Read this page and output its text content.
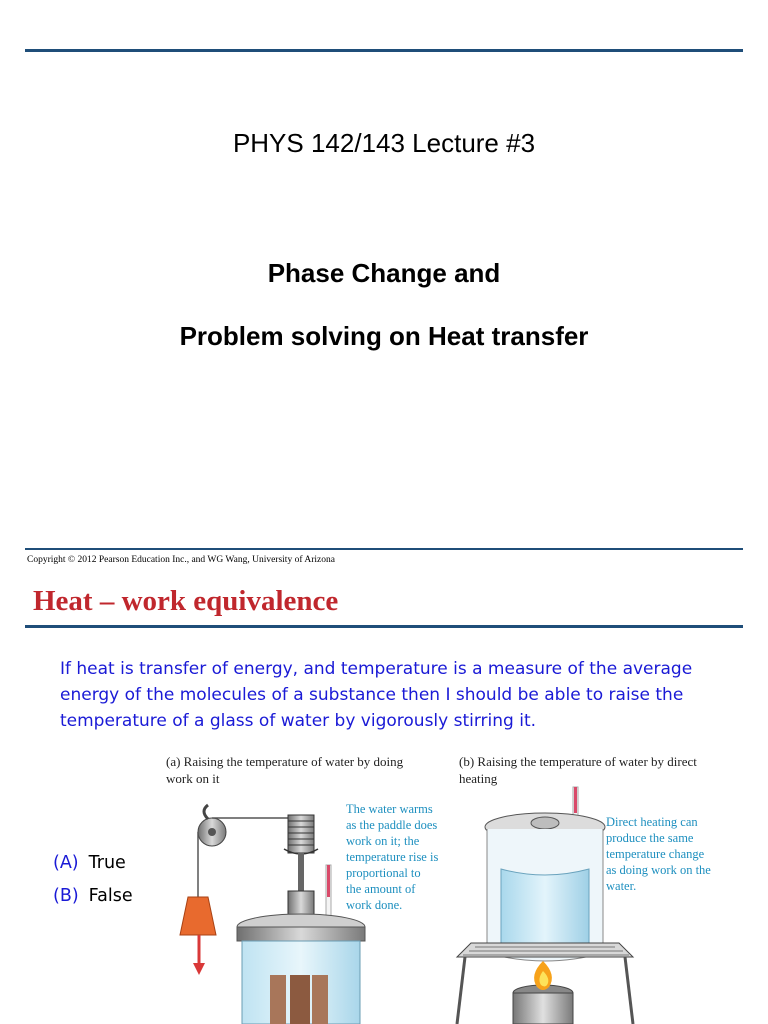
PHYS 142/143 Lecture #3
Phase Change and
Problem solving on Heat transfer
Copyright © 2012 Pearson Education Inc., and WG Wang, University of Arizona
Heat – work equivalence
If heat is transfer of energy, and temperature is a measure of the average
energy of the molecules of a substance then I should be able to raise the
temperature of a glass of water by vigorously stirring it.
(A) True
(B) False
(a) Raising the temperature of water by doing
work on it
(b) Raising the temperature of water by direct
heating
The water warms
as the paddle does
work on it; the
temperature rise is
proportional to
the amount of
work done.
Direct heating can
produce the same
temperature change
as doing work on the
water.
